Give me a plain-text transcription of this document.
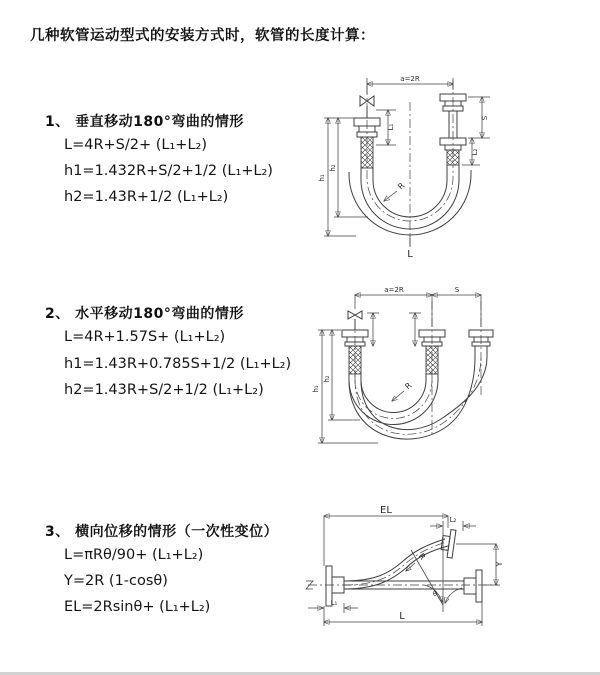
几种软管运动型式的安装方式时，软管的长度计算：
1、 垂直移动180°弯曲的情形
L=4R+S/2+ (L₁+L₂)
h1=1.432R+S/2+1/2 (L₁+L₂)
h2=1.43R+1/2 (L₁+L₂)
2、 水平移动180°弯曲的情形
L=4R+1.57S+ (L₁+L₂)
h1=1.43R+0.785S+1/2 (L₁+L₂)
h2=1.43R+S/2+1/2 (L₁+L₂)
3、 横向位移的情形（一次性变位）
L=πRθ/90+ (L₁+L₂)
Y=2R (1-cosθ)
EL=2Rsinθ+ (L₁+L₂)
a=2R
h₁
h₂
L₁
S
L₂
R
L
a=2R	S
h₁
h₂
R
EL
L₂
Y
θ
R
L₁
L
